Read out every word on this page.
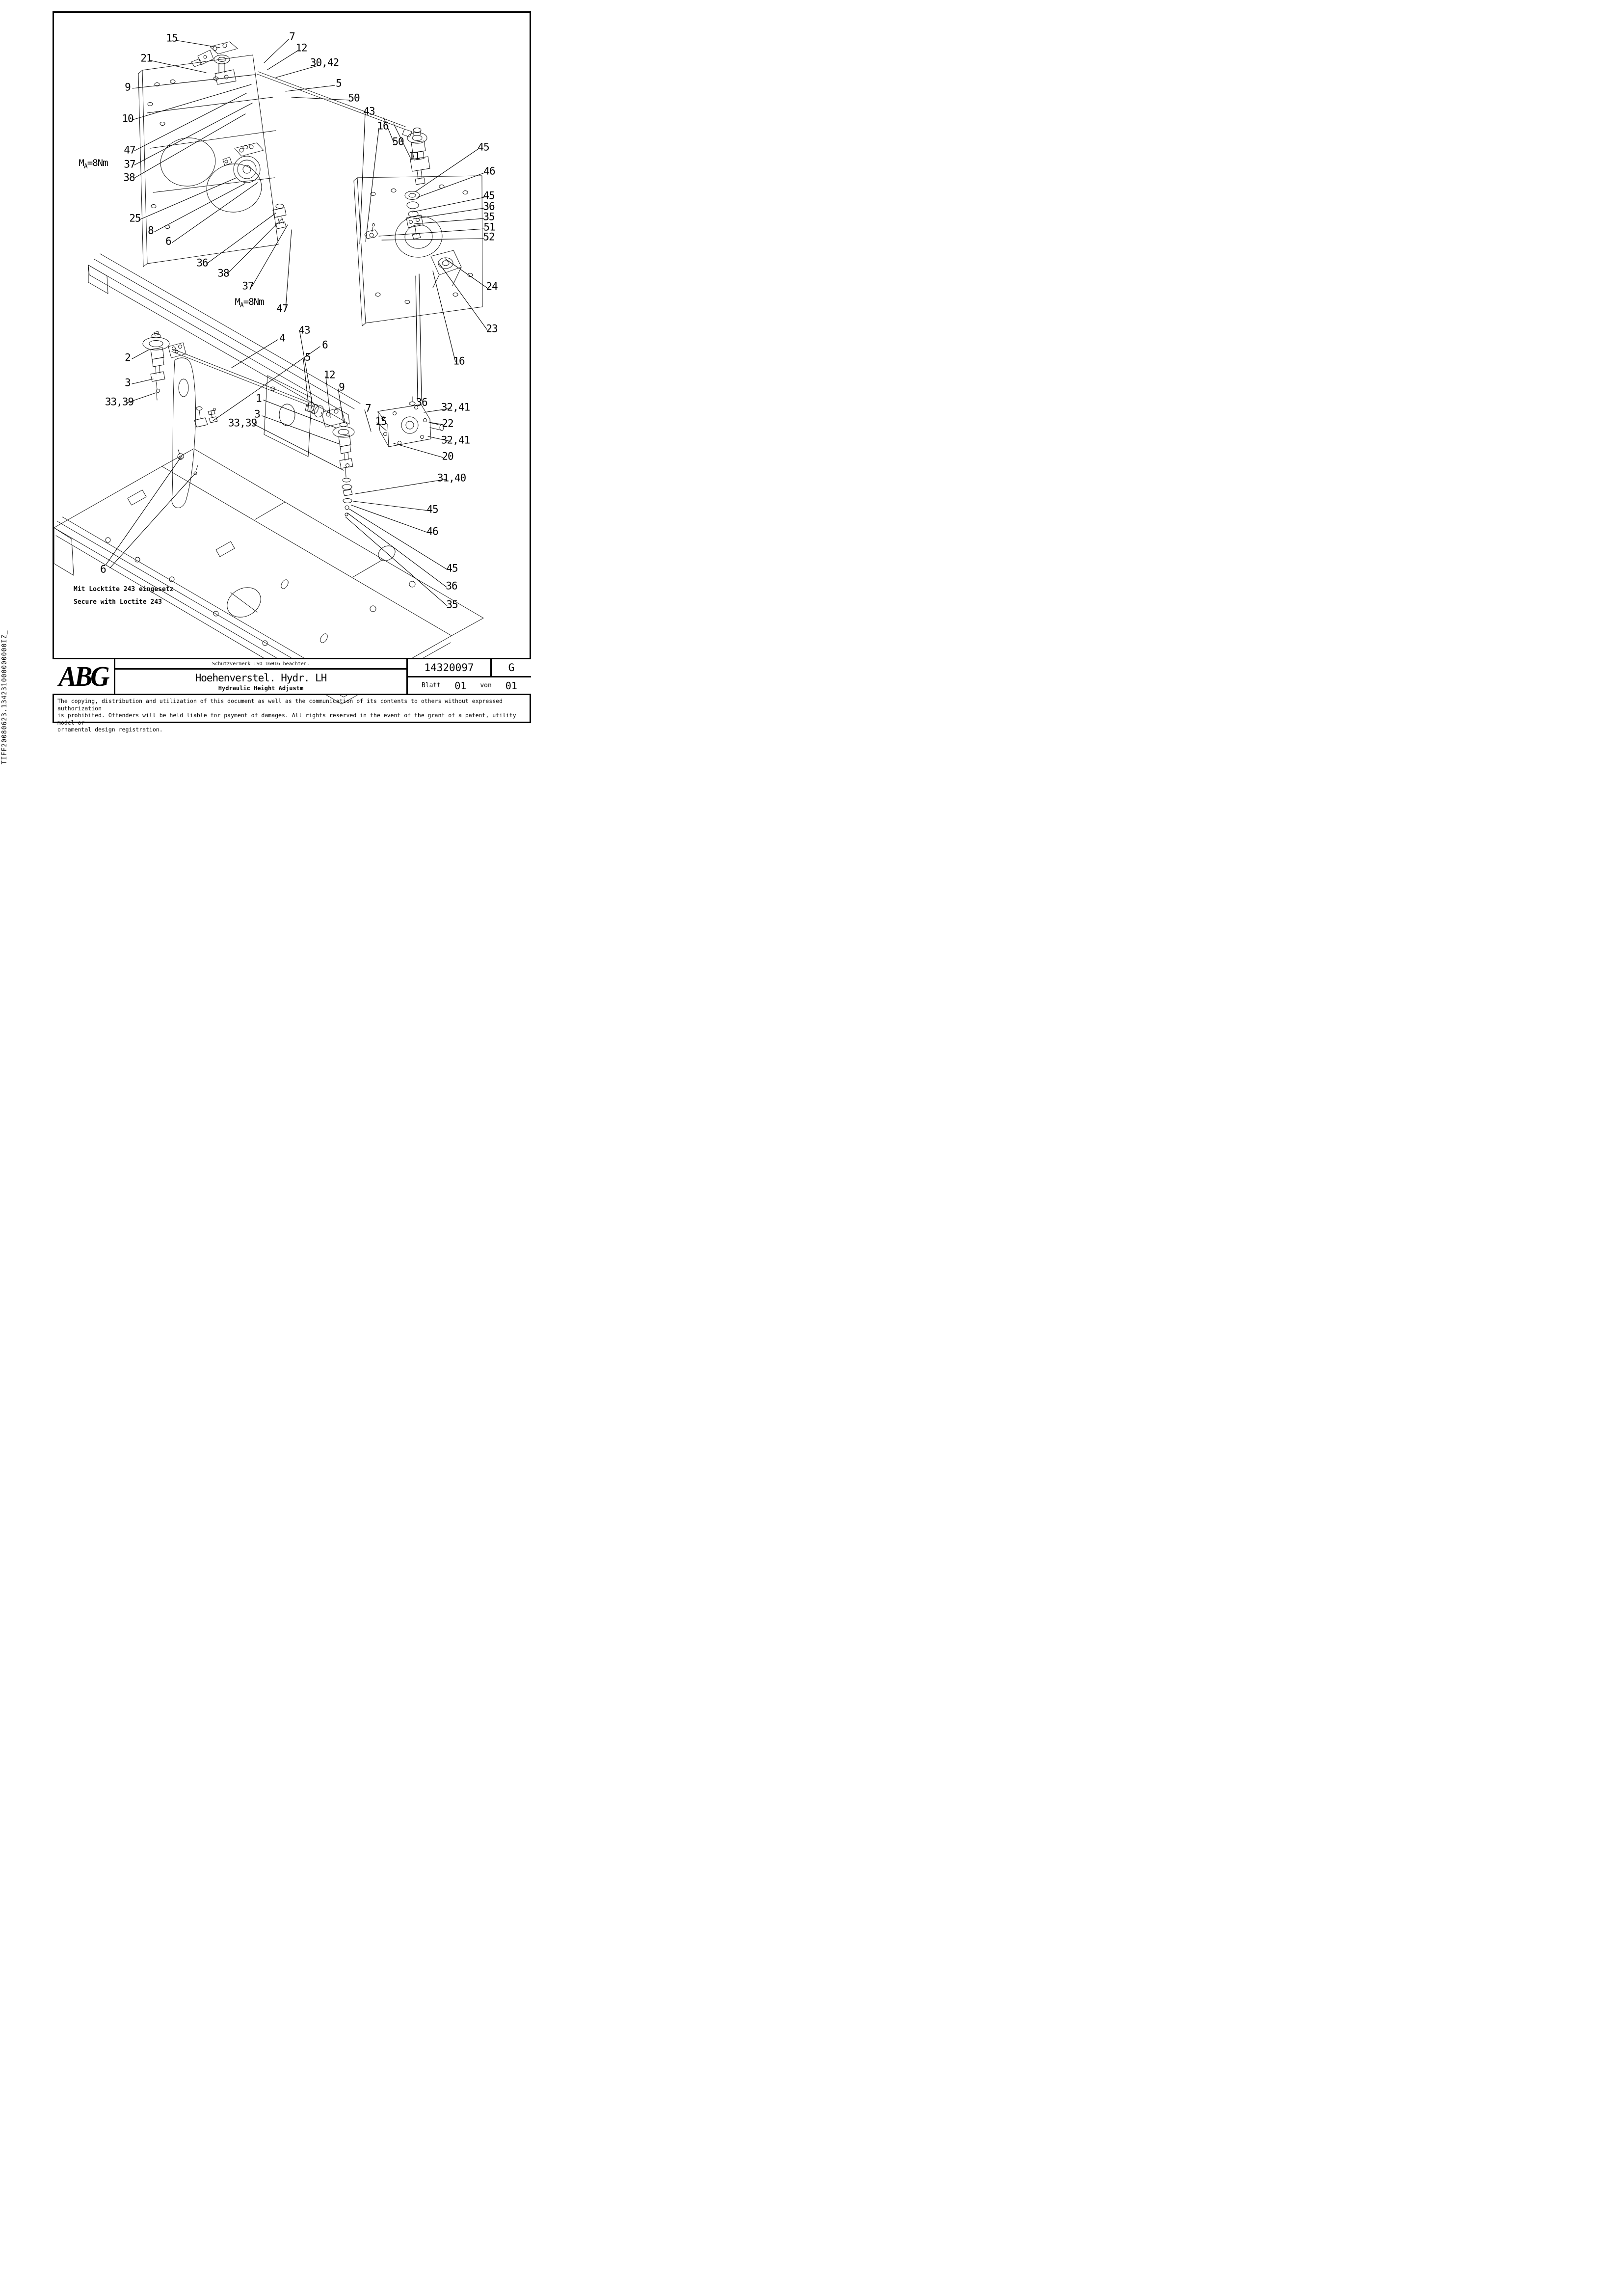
TIFF20080623.134231000000000IZ_
15
21
9
10
47
37
38
25
8
6
36
38
37
47
7
12
30,42
5
50
43
16
50
11
45
46
45
36
35
51
52
24
23
16
36
4
43
5
6
12
9
7
15
2
3
33,39	1
3
33,39
32,41
22
32,41
20
31,40
45
46
45
36
35
6
$M_A=8Nm$
$M_A=8Nm$
Mit Locktite 243 eingesetz
Secure with Loctite 243
ABG	Schutzvermerk ISO 16016 beachten.
Hoehenverstel. Hydr. LH
Hydraulic Height Adjustm
14320097	G
Blatt 01 von 01
The copying, distribution and utilization of this document as well as the communication of its contents to others without expressed authorization
is prohibited. Offenders will be held liable for payment of damages. All rights reserved in the event of the grant of a patent, utility model or
ornamental design registration.
